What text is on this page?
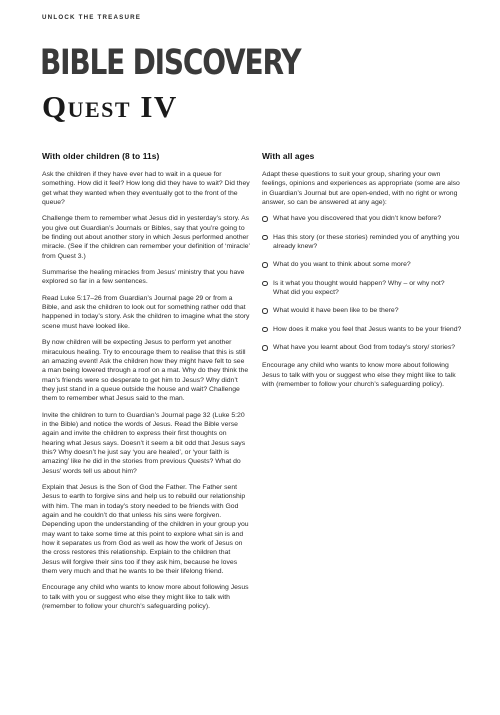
UNLOCK THE TREASURE
BIBLE DISCOVERY
Quest IV
With older children (8 to 11s)

Ask the children if they have ever had to wait in a queue for something. How did it feel? How long did they have to wait? Did they get what they wanted when they eventually got to the front of the queue?

Challenge them to remember what Jesus did in yesterday’s story. As you give out Guardian’s Journals or Bibles, say that you’re going to be finding out about another story in which Jesus performed another miracle. (See if the children can remember your definition of ‘miracle’ from Quest 3.)

Summarise the healing miracles from Jesus’ ministry that you have explored so far in a few sentences.

Read Luke 5:17–26 from Guardian’s Journal page 29 or from a Bible, and ask the children to look out for something rather odd that happened in today’s story. Ask the children to imagine what the story scene must have looked like.

By now children will be expecting Jesus to perform yet another miraculous healing. Try to encourage them to realise that this is still an amazing event! Ask the children how they might have felt to see a man being lowered through a roof on a mat. Why do they think the man’s friends were so desperate to get him to Jesus? Why didn’t they just stand in a queue outside the house and wait? Challenge them to remember what Jesus said to the man.

Invite the children to turn to Guardian’s Journal page 32 (Luke 5:20 in the Bible) and notice the words of Jesus. Read the Bible verse again and invite the children to express their first thoughts on hearing what Jesus says. Doesn’t it seem a bit odd that Jesus says this? Why doesn’t he just say ‘you are healed’, or ‘your faith is amazing’ like he did in the stories from previous Quests? What do Jesus’ words tell us about him?

Explain that Jesus is the Son of God the Father. The Father sent Jesus to earth to forgive sins and help us to rebuild our relationship with him. The man in today’s story needed to be friends with God again and he couldn’t do that unless his sins were forgiven. Depending upon the understanding of the children in your group you may want to take some time at this point to explore what sin is and how it separates us from God as well as how the work of Jesus on the cross restores this relationship. Explain to the children that Jesus will forgive their sins too if they ask him, because he loves them very much and that he wants to be their lifelong friend.

Encourage any child who wants to know more about following Jesus to talk with you or suggest who else they might like to talk with (remember to follow your church’s safeguarding policy).

With all ages

Adapt these questions to suit your group, sharing your own feelings, opinions and experiences as appropriate (some are also in Guardian’s Journal but are open-ended, with no right or wrong answer, so can be answered at any age):

What have you discovered that you didn’t know before?
Has this story (or these stories) reminded you of anything you already knew?
What do you want to think about some more?
Is it what you thought would happen? Why – or why not? What did you expect?
What would it have been like to be there?
How does it make you feel that Jesus wants to be your friend?
What have you learnt about God from today’s story/ stories?

Encourage any child who wants to know more about following Jesus to talk with you or suggest who else they might like to talk with (remember to follow your church’s safeguarding policy).
